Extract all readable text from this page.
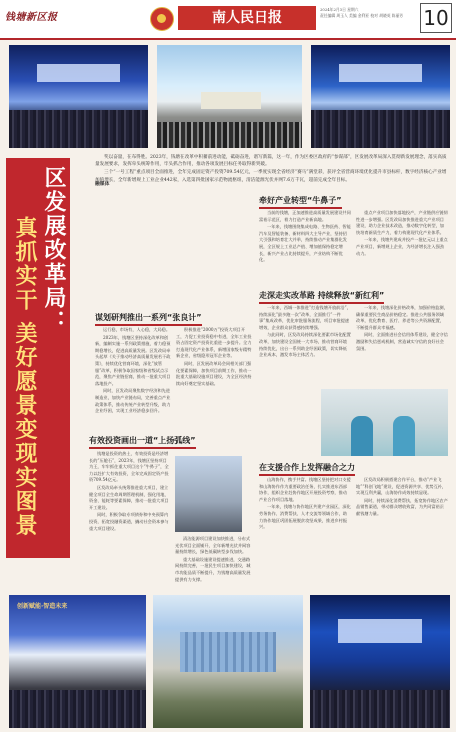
钱塘新区报	南人民日报
2024年2月3日 星期六
责任编辑 周玉人 美编 金利亚 校对 胡晓英 陈丽芳	10

奖以奋量，在布得胜。2023年，钱塘在改革中积蓄前进动能，砥砺奋进，谱写新篇，这一年，作为区委区政府的“参谋部”，区发展改革局深入贯彻新发展理念，落实高质量发展要求，发挥牵头统筹作用，牢头抓合作用，推动各项发展目标任务取得新突破。

三个“一号工程”重点项目全面推进，全年完成固定资产投资709.54亿元，一季度实现全省经济“赛马”满堂彩，获评全省营商环境优化提升市县标杆，数字经济核心产业增加值增长，全年新增规上工业企业442家，入选第四批国家示范物流枢纽，清洁能源光伏并网7.6万千瓦，超前完成全年目标。

区发展改革局：
真抓实干 美好愿景变现实图景
融媒体
牵好产业转型“牛鼻子”

当前的钱塘，正加速推进高质量发展建设共同富裕示范区，着力打造产业新高地。

一年来，钱塘围绕集成电路、生物医药、智能汽车及智能装备、新材料四大主导产业，坚持招大引强和培育壮大并举，持续推动产业集群化发展，全区规上工业总产值、增加值保持稳定增长，新兴产业占比持续提升，产业结构不断优化。

重点产业项目加快落地投产，产业链供应链韧性进一步增强。区发改局加快推进重大产业项目建设，助力企业技术改造，推动数字化转型，加快培育新质生产力，着力构建现代化产业体系。

一年来，钱塘共建成并投产一批亿元以上重点产业项目，新增规上企业，为经济增长注入强劲动力。

走深走实改革路 持续释放“新红利”

一年来，西城一体推进“打造钱塘开放前沿”，持续深化“最多跑一次”改革，全面推行“一件事”集成改革，优化审批服务流程，项目审批提速增效，企业群众获得感持续增强。

与此同时，区发改局持续深化要素市场化配置改革，加快建设全国统一大市场，推动营商环境持续优化，出台一系列助企纾困政策，切实降低企业成本，激发市场主体活力。

一年来，钱塘深化价格改革，加强价格监测，确保重要民生商品价格稳定。推进公共服务领域改革，优化教育、医疗、养老等公共资源配置，不断提升群众幸福感。

同时，全面推进社会信用体系建设，健全守信激励和失信惩戒机制，营造诚实守信的良好社会氛围。

谋划研判推出一系列“张良计”

运行稳，市场有，人心稳，大局稳。

2023年，钱塘区坚持深化改革和创新，编制实施一系列政策措施，着力稳预期稳增长，促进高质量发展。区发改局牵头起草《关于推动经济高质量发展若干政策》，持续优化营商环境，深化“放管服”改革，积极争取国家级和省级试点示范，聚焦产业链招商，推动一批重大项目落地投产。

同时，区发改局聚焦数字经济和先进制造业，加快产业链布局，完善重点产业政策体系，推动传统产业转型升级，助力企业纾困，实现工业经济稳步回升。

积极推进“2000万”投资大项目开工，力促工业投资稳中有进，全年工业投资占固定资产投资比重进一步提升。全力打造现代化产业体系，新增国家级专精特新企业，省级隐形冠军企业等。

同时，区发展改革局会同相关部门强化要素保障，加快项目前期工作，推动一批重大基础设施项目建设，为全区经济持续向好奠定坚实基础。

有效投资画出一道“上扬弧线”

钱塘是投资的热土，有效投资是经济增长的“压舱石”，2023年，钱塘区坚持项目为王，牢牢抓住重大项目这个“牛鼻子”，全力以赴扩大有效投资，全年完成固定资产投资709.54亿元。

区发改局牵头统筹推进重大项目，建立健全项目全生命周期管理机制，强化用地、资金、能耗等要素保障，推动一批重大项目开工建设。

同时，积极争取专项债券和中央预算内投资，拓宽投融资渠道，撬动社会资本参与重大项目建设。

清洁能源项目建设加快推进，分布式光伏项目全面铺开，全年新增光伏并网容量持续增长，绿色低碳转型步伐加快。

重大基础设施建设提速推进，交通路网持续完善，一批民生项目加快建设，城市功能品质不断提升，为钱塘高质量发展提供有力支撑。

在支援合作上发挥融合之力

山海协作，携手共富。钱塘区坚持把对口支援和山海协作作为重要政治任务，扎实推进东西部协作，组织企业赴协作地区开展投资考察，推动产业合作项目落地。

一年来，钱塘与协作地区共建产业园区，深化劳务协作、消费帮扶、人才交流等领域合作，助力协作地区巩固拓展脱贫攻坚成果，推进乡村振兴。

区发改局积极搭建合作平台，推动“产业飞地”“科创飞地”建设，促进资源共享、优势互补，实现互利共赢，山海协作成效持续显现。

同时，持续深化消费帮扶，拓宽协作地区农产品销售渠道，带动群众增收致富，为共同富裕贡献钱塘力量。

创新赋能·智造未来
